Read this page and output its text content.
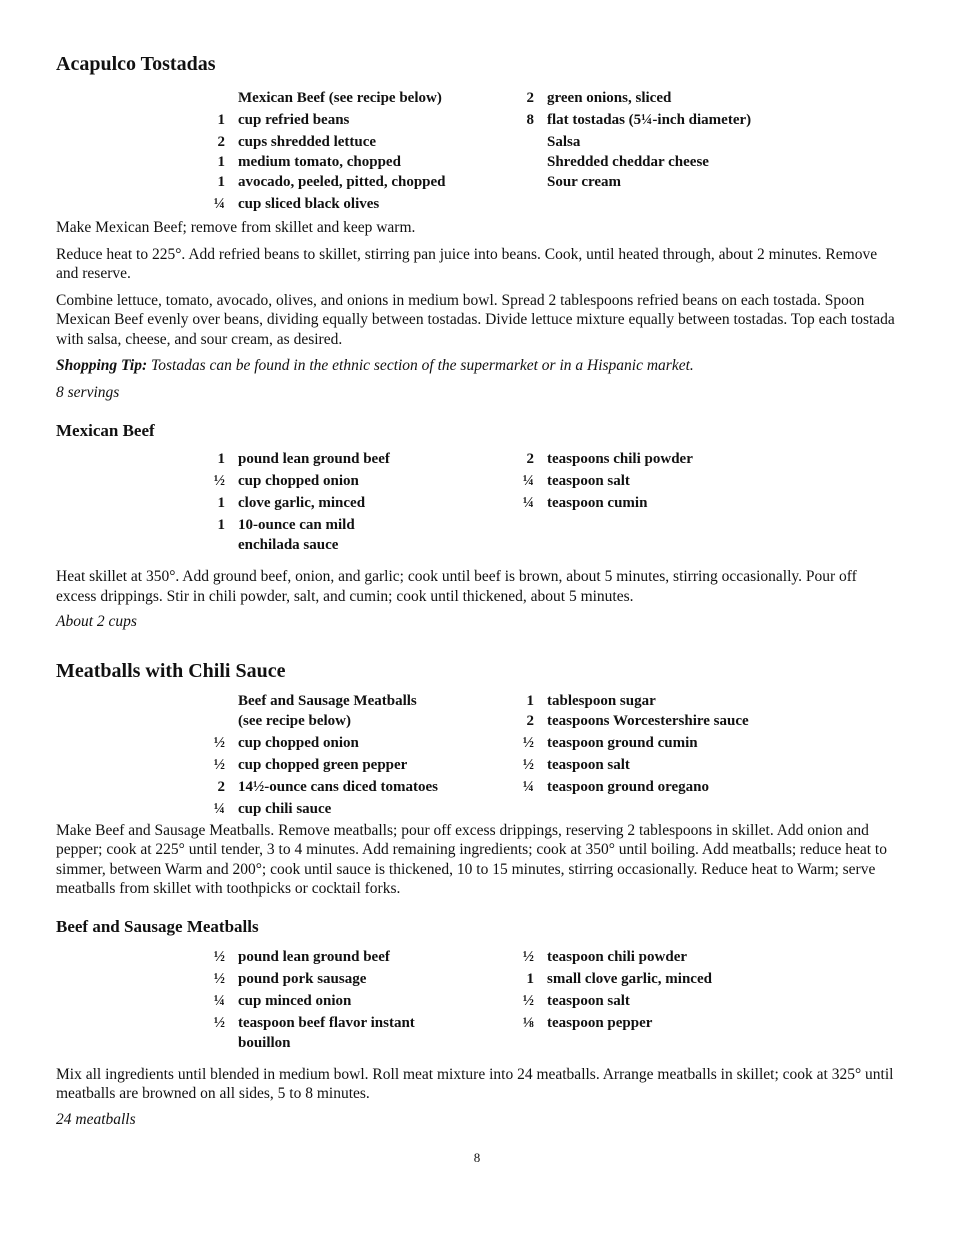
Acapulco Tostadas
Mexican Beef (see recipe below)
1 cup refried beans
2 cups shredded lettuce
1 medium tomato, chopped
1 avocado, peeled, pitted, chopped
¼ cup sliced black olives
2 green onions, sliced
8 flat tostadas (5¼-inch diameter)
Salsa
Shredded cheddar cheese
Sour cream

Make Mexican Beef; remove from skillet and keep warm.

Reduce heat to 225°. Add refried beans to skillet, stirring pan juice into beans. Cook, until heated through, about 2 minutes. Remove and reserve.

Combine lettuce, tomato, avocado, olives, and onions in medium bowl. Spread 2 tablespoons refried beans on each tostada. Spoon Mexican Beef evenly over beans, dividing equally between tostadas. Divide lettuce mixture equally between tostadas. Top each tostada with salsa, cheese, and sour cream, as desired.

Shopping Tip: Tostadas can be found in the ethnic section of the supermarket or in a Hispanic market.

8 servings

Mexican Beef
1 pound lean ground beef
½ cup chopped onion
1 clove garlic, minced
1 10-ounce can mild enchilada sauce
2 teaspoons chili powder
¼ teaspoon salt
¼ teaspoon cumin

Heat skillet at 350°. Add ground beef, onion, and garlic; cook until beef is brown, about 5 minutes, stirring occasionally. Pour off excess drippings. Stir in chili powder, salt, and cumin; cook until thickened, about 5 minutes.

About 2 cups

Meatballs with Chili Sauce
Beef and Sausage Meatballs (see recipe below)
½ cup chopped onion
½ cup chopped green pepper
2 14½-ounce cans diced tomatoes
¼ cup chili sauce
1 tablespoon sugar
2 teaspoons Worcestershire sauce
½ teaspoon ground cumin
½ teaspoon salt
¼ teaspoon ground oregano

Make Beef and Sausage Meatballs. Remove meatballs; pour off excess drippings, reserving 2 tablespoons in skillet. Add onion and pepper; cook at 225° until tender, 3 to 4 minutes. Add remaining ingredients; cook at 350° until boiling. Add meatballs; reduce heat to simmer, between Warm and 200°; cook until sauce is thickened, 10 to 15 minutes, stirring occasionally. Reduce heat to Warm; serve meatballs from skillet with toothpicks or cocktail forks.

Beef and Sausage Meatballs
½ pound lean ground beef
½ pound pork sausage
¼ cup minced onion
½ teaspoon beef flavor instant bouillon
½ teaspoon chili powder
1 small clove garlic, minced
½ teaspoon salt
⅛ teaspoon pepper

Mix all ingredients until blended in medium bowl. Roll meat mixture into 24 meatballs. Arrange meatballs in skillet; cook at 325° until meatballs are browned on all sides, 5 to 8 minutes.

24 meatballs

8
